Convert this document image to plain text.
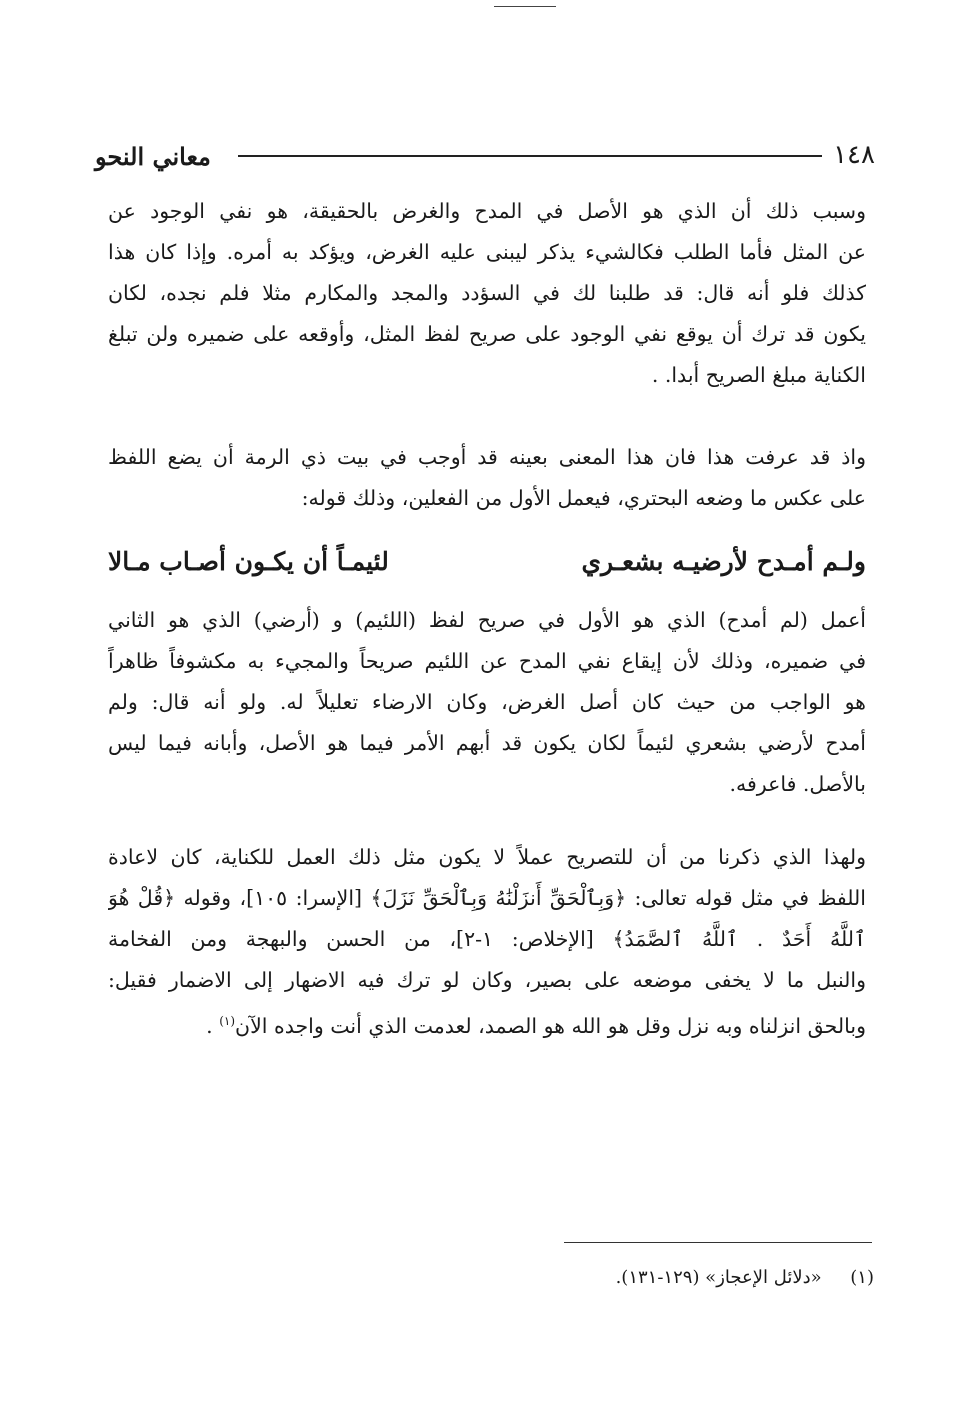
١٤٨
معاني النحو
وسبب ذلك أن الذي هو الأصل في المدح والغرض بالحقيقة، هو نفي الوجود عن
عن المثل فأما الطلب فكالشيء يذكر ليبنى عليه الغرض، ويؤكد به أمره. وإذا كان هذا
كذلك فلو أنه قال: قد طلبنا لك في السؤدد والمجد والمكارم مثلا فلم نجده، لكان
يكون قد ترك أن يوقع نفي الوجود على صريح لفظ المثل، وأوقعه على ضميره ولن تبلغ
الكناية مبلغ الصريح أبدا. .
واذ قد عرفت هذا فان هذا المعنى بعينه قد أوجب في بيت ذي الرمة أن يضع اللفظ
على عكس ما وضعه البحتري، فيعمل الأول من الفعلين، وذلك قوله:
ولـم أمـدح لأرضيـه بشعـري
لئيمـاً أن يكـون أصـاب مـالا
أعمل (لم أمدح) الذي هو الأول في صريح لفظ (اللئيم) و (أرضي) الذي هو الثاني
في ضميره، وذلك لأن إيقاع نفي المدح عن اللئيم صريحاً والمجيء به مكشوفاً ظاهراً
هو الواجب من حيث كان أصل الغرض، وكان الارضاء تعليلاً له. ولو أنه قال: ولم
أمدح لأرضي بشعري لئيماً لكان يكون قد أبهم الأمر فيما هو الأصل، وأبانه فيما ليس
بالأصل. فاعرفه.
ولهذا الذي ذكرنا من أن للتصريح عملاً لا يكون مثل ذلك العمل للكناية، كان لاعادة
اللفظ في مثل قوله تعالى: ﴿وَبِٱلْحَقِّ أَنزَلْنَٰهُ وَبِٱلْحَقِّ نَزَلَ﴾ [الإسرا: ١٠٥]، وقوله ﴿قُلْ هُوَ
ٱللَّهُ أَحَدٌ . ٱللَّهُ ٱلصَّمَدُ﴾ [الإخلاص: ١-٢]، من الحسن والبهجة ومن الفخامة
والنبل ما لا يخفى موضعه على بصير، وكان لو ترك فيه الاضهار إلى الاضمار فقيل:
وبالحق انزلناه وبه نزل وقل هو الله هو الصمد، لعدمت الذي أنت واجده الآن$^{(١)}$ .
(١)     «دلائل الإعجاز» (١٢٩-١٣١).
